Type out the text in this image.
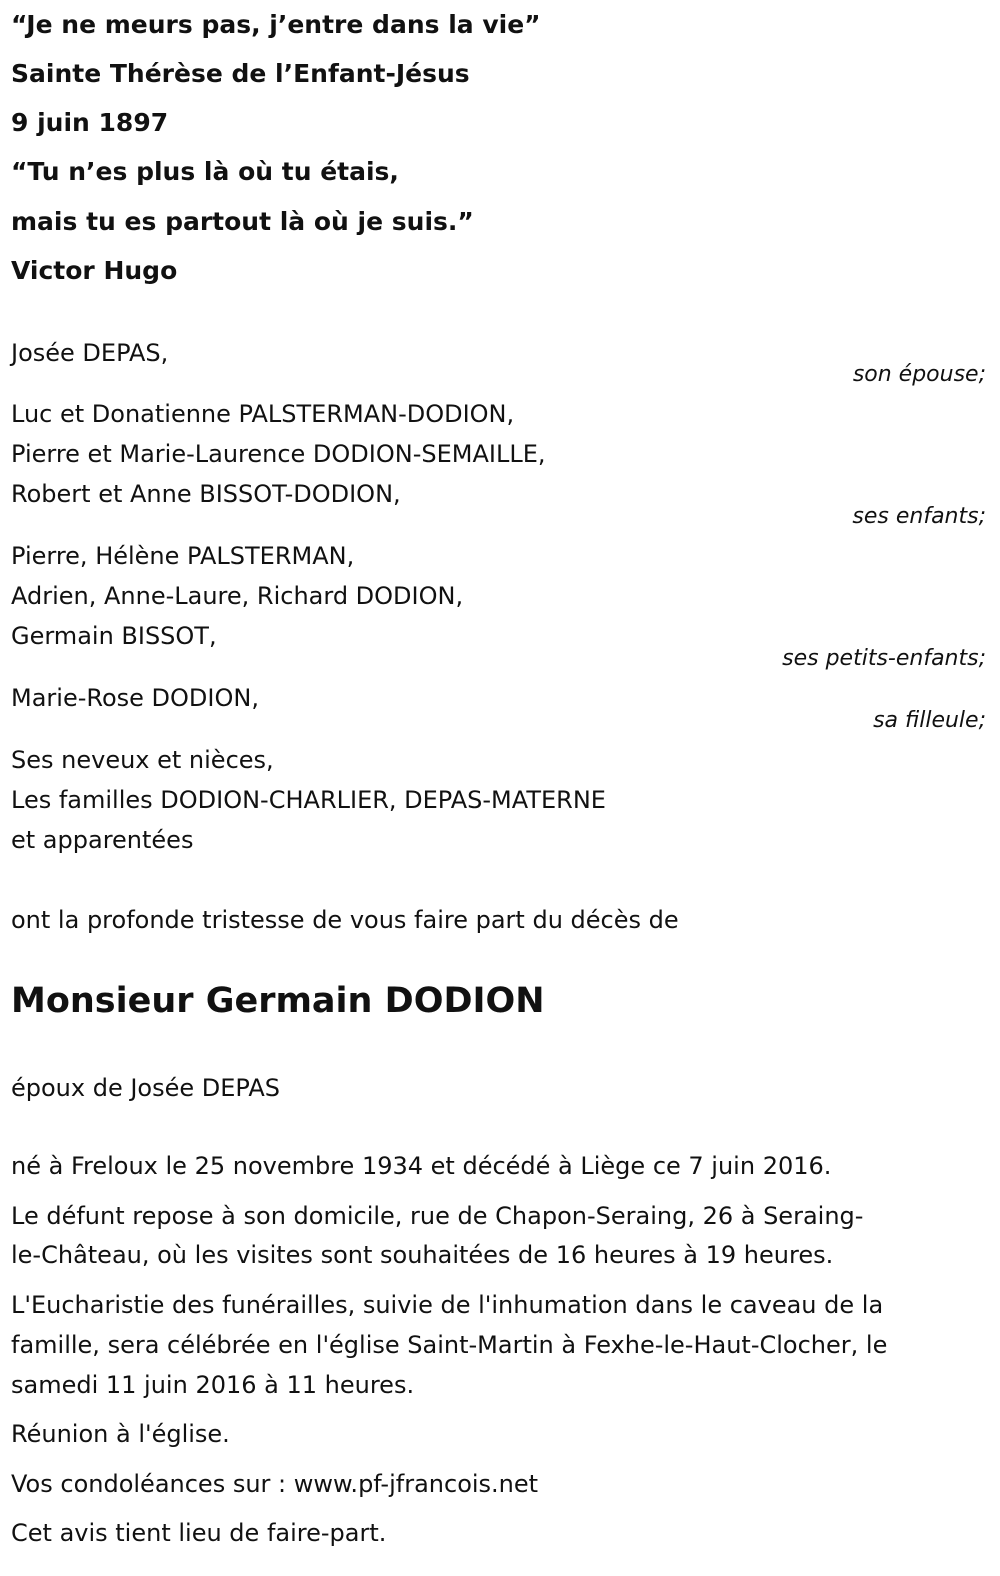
“Je ne meurs pas, j’entre dans la vie”
Sainte Thérèse de l’Enfant-Jésus
9 juin 1897
“Tu n’es plus là où tu étais,
mais tu es partout là où je suis.”
Victor Hugo
Josée DEPAS,
son épouse;
Luc et Donatienne PALSTERMAN-DODION,
Pierre et Marie-Laurence DODION-SEMAILLE,
Robert et Anne BISSOT-DODION,
ses enfants;
Pierre, Hélène PALSTERMAN,
Adrien, Anne-Laure, Richard DODION,
Germain BISSOT,
ses petits-enfants;
Marie-Rose DODION,
sa filleule;
Ses neveux et nièces,
Les familles DODION-CHARLIER, DEPAS-MATERNE
et apparentées
ont la profonde tristesse de vous faire part du décès de
Monsieur Germain DODION
époux de Josée DEPAS
né à Freloux le 25 novembre 1934 et décédé à Liège ce 7 juin 2016.
Le défunt repose à son domicile, rue de Chapon-Seraing, 26 à Seraing-
le-Château, où les visites sont souhaitées de 16 heures à 19 heures.
L'Eucharistie des funérailles, suivie de l'inhumation dans le caveau de la
famille, sera célébrée en l'église Saint-Martin à Fexhe-le-Haut-Clocher, le
samedi 11 juin 2016 à 11 heures.
Réunion à l'église.
Vos condoléances sur : www.pf-jfrancois.net
Cet avis tient lieu de faire-part.
